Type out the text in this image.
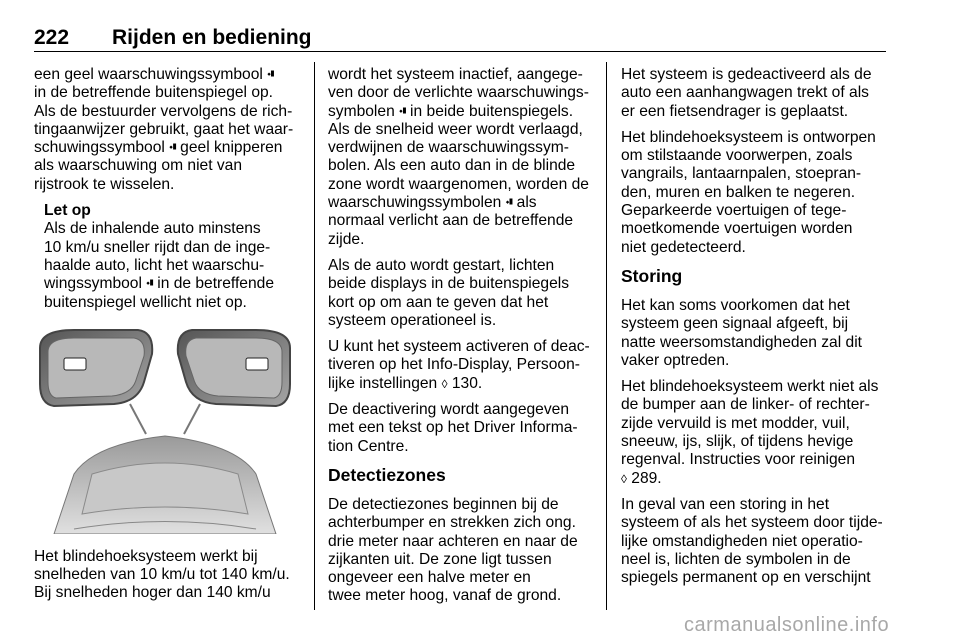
222 Rijden en bediening

een geel waarschuwingssymbool ⬩∎
in de betreffende buitenspiegel op.
Als de bestuurder vervolgens de rich-
tingaanwijzer gebruikt, gaat het waar-
schuwingssymbool ⬩∎ geel knipperen
als waarschuwing om niet van
rijstrook te wisselen.

Let op
Als de inhalende auto minstens
10 km/u sneller rijdt dan de inge-
haalde auto, licht het waarschu-
wingssymbool ⬩∎ in de betreffende
buitenspiegel wellicht niet op.

Het blindehoeksysteem werkt bij
snelheden van 10 km/u tot 140 km/u.
Bij snelheden hoger dan 140 km/u

wordt het systeem inactief, aangege-
ven door de verlichte waarschuwings-
symbolen ⬩∎ in beide buitenspiegels.
Als de snelheid weer wordt verlaagd,
verdwijnen de waarschuwingssym-
bolen. Als een auto dan in de blinde
zone wordt waargenomen, worden de
waarschuwingssymbolen ⬩∎ als
normaal verlicht aan de betreffende
zijde.

Als de auto wordt gestart, lichten
beide displays in de buitenspiegels
kort op om aan te geven dat het
systeem operationeel is.

U kunt het systeem activeren of deac-
tiveren op het Info-Display, Persoon-
lijke instellingen ◊ 130.

De deactivering wordt aangegeven
met een tekst op het Driver Informa-
tion Centre.

Detectiezones

De detectiezones beginnen bij de
achterbumper en strekken zich ong.
drie meter naar achteren en naar de
zijkanten uit. De zone ligt tussen
ongeveer een halve meter en
twee meter hoog, vanaf de grond.

Het systeem is gedeactiveerd als de
auto een aanhangwagen trekt of als
er een fietsendrager is geplaatst.

Het blindehoeksysteem is ontworpen
om stilstaande voorwerpen, zoals
vangrails, lantaarnpalen, stoepran-
den, muren en balken te negeren.
Geparkeerde voertuigen of tege-
moetkomende voertuigen worden
niet gedetecteerd.

Storing

Het kan soms voorkomen dat het
systeem geen signaal afgeeft, bij
natte weersomstandigheden zal dit
vaker optreden.

Het blindehoeksysteem werkt niet als
de bumper aan de linker- of rechter-
zijde vervuild is met modder, vuil,
sneeuw, ijs, slijk, of tijdens hevige
regenval. Instructies voor reinigen
◊ 289.

In geval van een storing in het
systeem of als het systeem door tijde-
lijke omstandigheden niet operatio-
neel is, lichten de symbolen in de
spiegels permanent op en verschijnt

carmanualsonline.info
